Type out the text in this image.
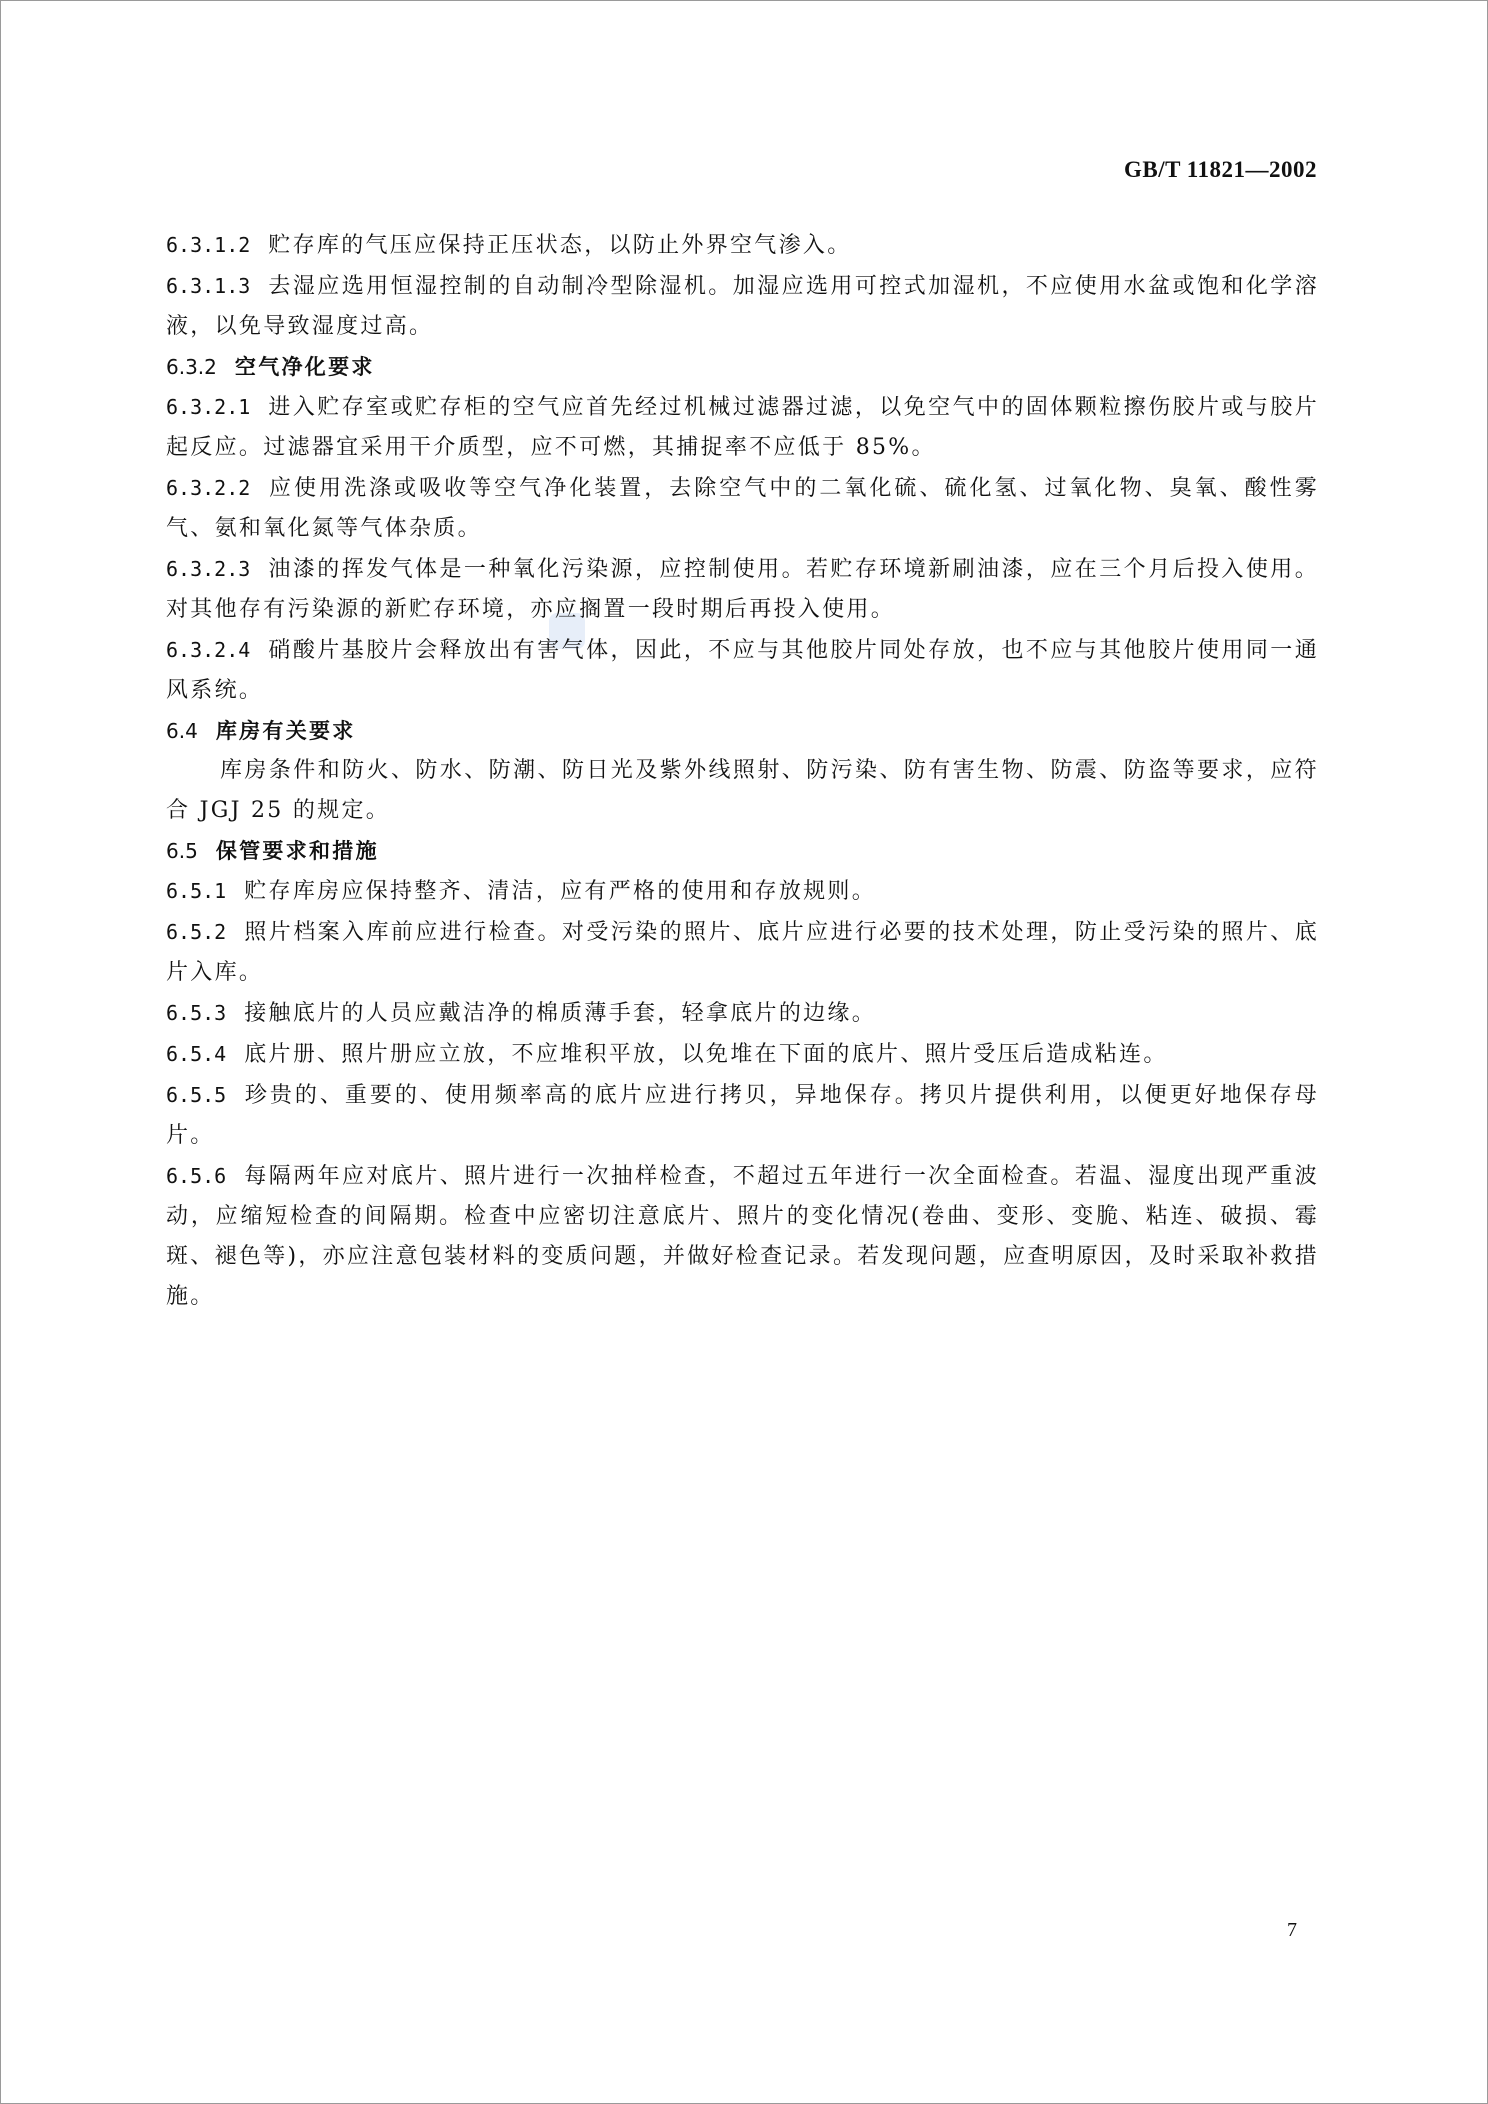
GB/T 11821—2002

6.3.1.2 贮存库的气压应保持正压状态，以防止外界空气渗入。

6.3.1.3 去湿应选用恒湿控制的自动制冷型除湿机。加湿应选用可控式加湿机，不应使用水盆或饱和化学溶液，以免导致湿度过高。

6.3.2 空气净化要求

6.3.2.1 进入贮存室或贮存柜的空气应首先经过机械过滤器过滤，以免空气中的固体颗粒擦伤胶片或与胶片起反应。过滤器宜采用干介质型，应不可燃，其捕捉率不应低于 85%。

6.3.2.2 应使用洗涤或吸收等空气净化装置，去除空气中的二氧化硫、硫化氢、过氧化物、臭氧、酸性雾气、氨和氧化氮等气体杂质。

6.3.2.3 油漆的挥发气体是一种氧化污染源，应控制使用。若贮存环境新刷油漆，应在三个月后投入使用。对其他存有污染源的新贮存环境，亦应搁置一段时期后再投入使用。

6.3.2.4 硝酸片基胶片会释放出有害气体，因此，不应与其他胶片同处存放，也不应与其他胶片使用同一通风系统。

6.4 库房有关要求

库房条件和防火、防水、防潮、防日光及紫外线照射、防污染、防有害生物、防震、防盗等要求，应符合 JGJ 25 的规定。

6.5 保管要求和措施

6.5.1 贮存库房应保持整齐、清洁，应有严格的使用和存放规则。

6.5.2 照片档案入库前应进行检查。对受污染的照片、底片应进行必要的技术处理，防止受污染的照片、底片入库。

6.5.3 接触底片的人员应戴洁净的棉质薄手套，轻拿底片的边缘。

6.5.4 底片册、照片册应立放，不应堆积平放，以免堆在下面的底片、照片受压后造成粘连。

6.5.5 珍贵的、重要的、使用频率高的底片应进行拷贝，异地保存。拷贝片提供利用，以便更好地保存母片。

6.5.6 每隔两年应对底片、照片进行一次抽样检查，不超过五年进行一次全面检查。若温、湿度出现严重波动，应缩短检查的间隔期。检查中应密切注意底片、照片的变化情况(卷曲、变形、变脆、粘连、破损、霉斑、褪色等)，亦应注意包装材料的变质问题，并做好检查记录。若发现问题，应查明原因，及时采取补救措施。

7
